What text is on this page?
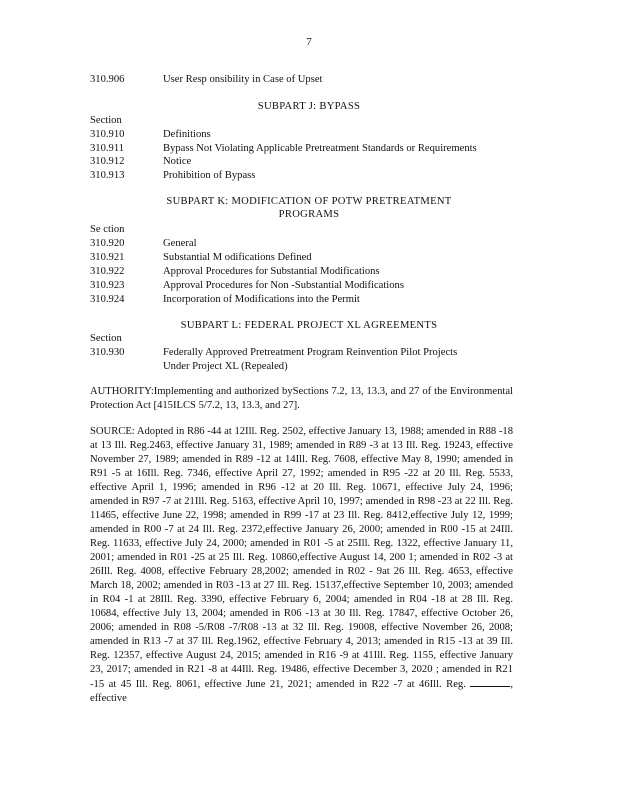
7
310.906	User Resp onsibility in Case of Upset
SUBPART J: BYPASS
Section
310.910	Definitions
310.911	Bypass Not Violating Applicable Pretreatment Standards or Requirements
310.912	Notice
310.913	Prohibition of Bypass
SUBPART K: MODIFICATION OF POTW PRETREATMENT
PROGRAMS
Se ction
310.920	General
310.921	Substantial M odifications Defined
310.922	Approval Procedures for Substantial Modifications
310.923	Approval Procedures for Non -Substantial Modifications
310.924	Incorporation of Modifications into the Permit
SUBPART L: FEDERAL PROJECT XL AGREEMENTS
Section
310.930	Federally Approved Pretreatment Program Reinvention Pilot Projects
Under Project XL (Repealed)

AUTHORITY:Implementing and authorized bySections 7.2, 13, 13.3, and 27 of the Environmental Protection Act [415ILCS 5/7.2, 13, 13.3, and 27].

SOURCE: Adopted in R86 -44 at 12Ill. Reg. 2502, effective January 13, 1988; amended in R88 -18 at 13 Ill. Reg.2463, effective January 31, 1989; amended in R89 -3 at 13 Ill. Reg. 19243, effective November 27, 1989; amended in R89 -12 at 14Ill. Reg. 7608, effective May 8, 1990; amended in R91 -5 at 16Ill. Reg. 7346, effective April 27, 1992; amended in R95 -22 at 20 Ill. Reg. 5533, effective April 1, 1996; amended in R96 -12 at 20 Ill. Reg. 10671, effective July 24, 1996; amended in R97 -7 at 21Ill. Reg. 5163, effective April 10, 1997; amended in R98 -23 at 22 Ill. Reg. 11465, effective June 22, 1998; amended in R99 -17 at 23 Ill. Reg. 8412,effective July 12, 1999; amended in R00 -7 at 24 Ill. Reg. 2372,effective January 26, 2000; amended in R00 -15 at 24Ill. Reg. 11633, effective July 24, 2000; amended in R01 -5 at 25Ill. Reg. 1322, effective January 11, 2001; amended in R01 -25 at 25 Ill. Reg. 10860,effective August 14, 200 1; amended in R02 -3 at 26Ill. Reg. 4008, effective February 28,2002; amended in R02 - 9at 26 Ill. Reg. 4653, effective March 18, 2002; amended in R03 -13 at 27 Ill. Reg. 15137,effective September 10, 2003; amended in R04 -1 at 28Ill. Reg. 3390, effective February 6, 2004; amended in R04 -18 at 28 Ill. Reg. 10684, effective July 13, 2004; amended in R06 -13 at 30 Ill. Reg. 17847, effective October 26, 2006; amended in R08 -5/R08 -7/R08 -13 at 32 Ill. Reg. 19008, effective November 26, 2008; amended in R13 -7 at 37 Ill. Reg.1962, effective February 4, 2013; amended in R15 -13 at 39 Ill. Reg. 12357, effective August 24, 2015; amended in R16 -9 at 41Ill. Reg. 1155, effective January 23, 2017; amended in R21 -8 at 44Ill. Reg. 19486, effective December 3, 2020 ; amended in R21 -15 at 45 Ill. Reg. 8061, effective June 21, 2021; amended in R22 -7 at 46Ill. Reg.	, effective
